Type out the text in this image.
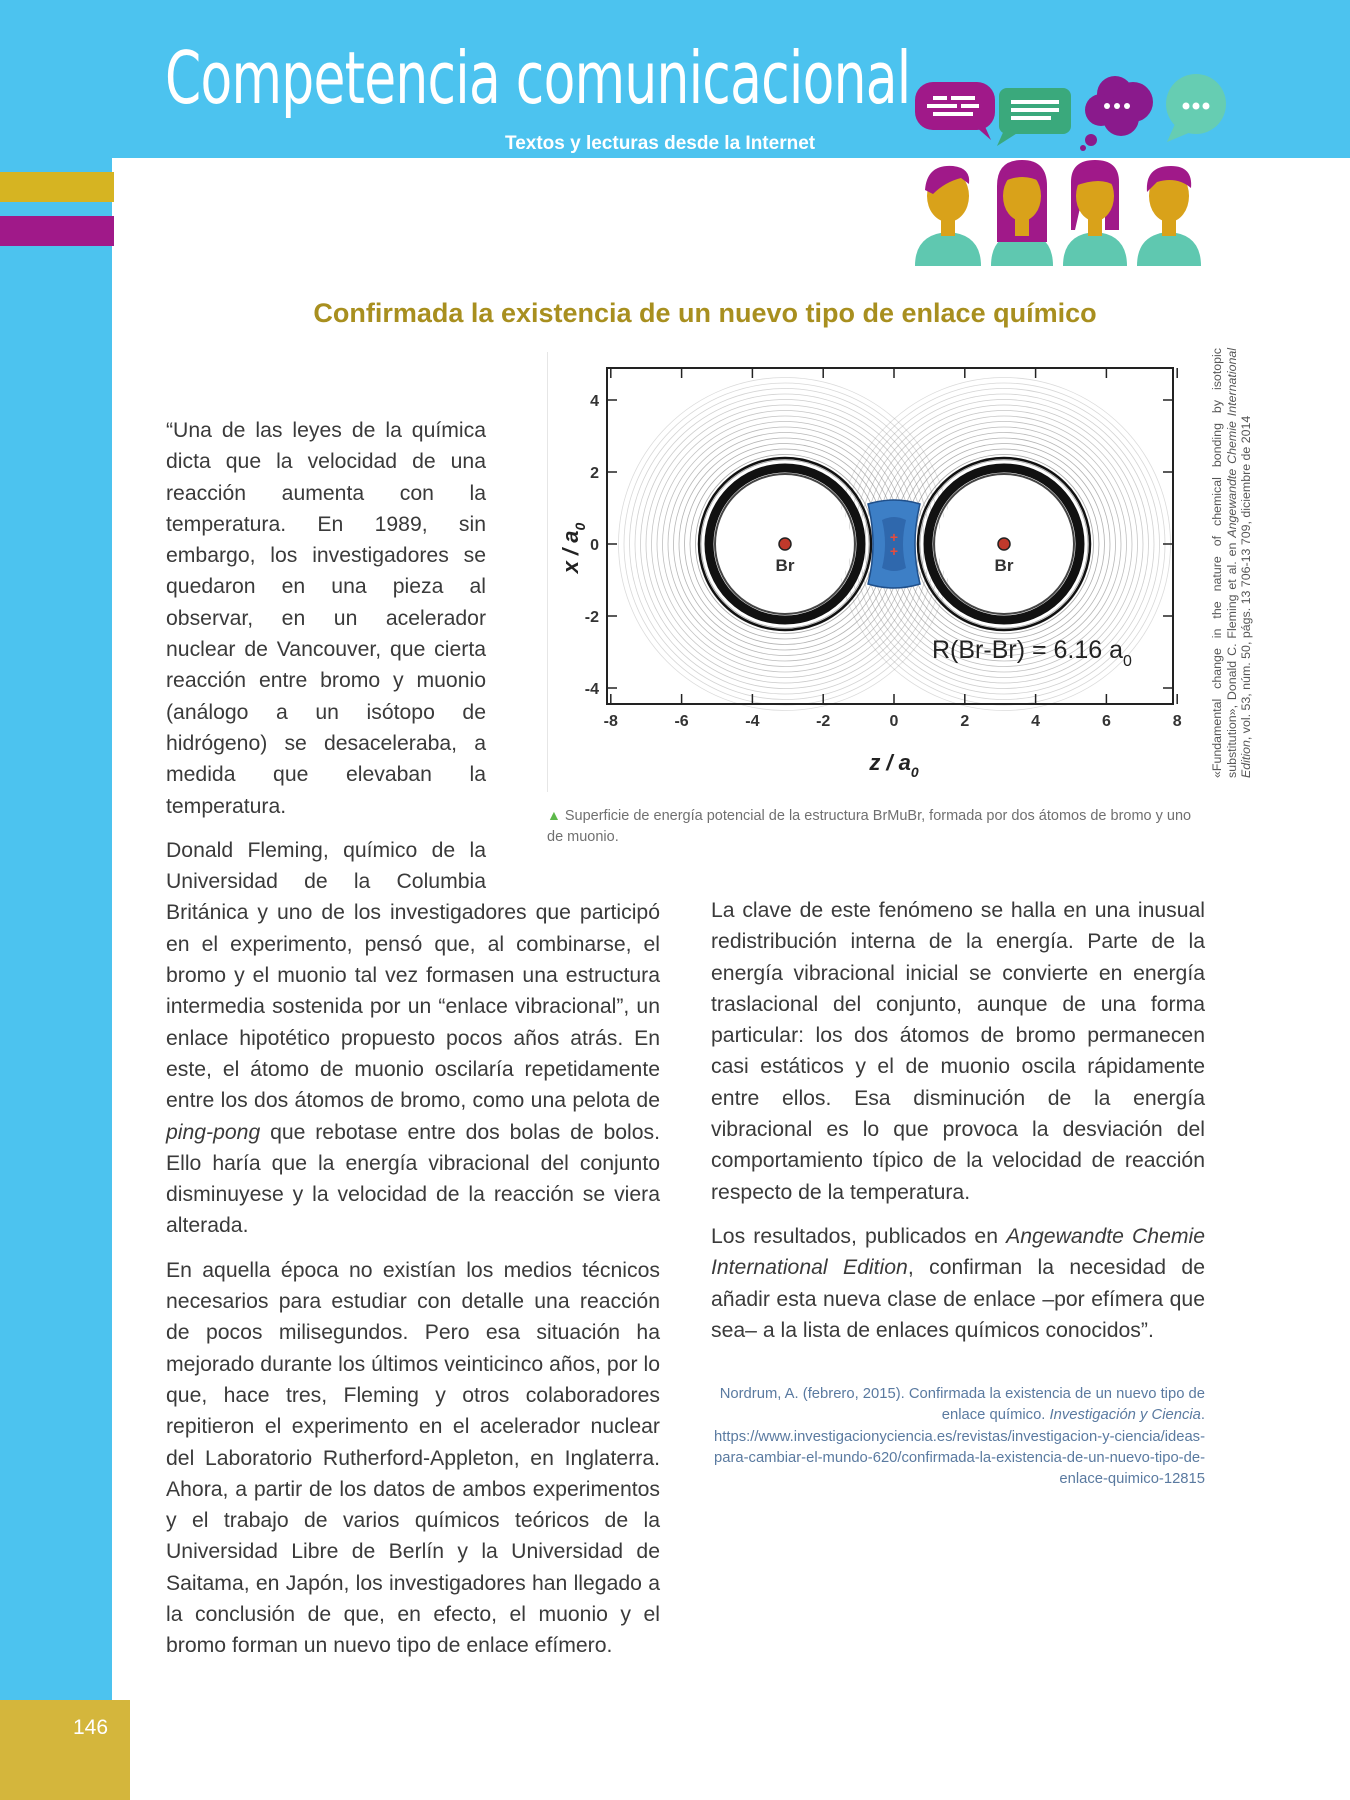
Competencia comunicacional
Textos y lecturas desde la Internet
Confirmada la existencia de un nuevo tipo de enlace químico
-8	-6	-4	-2	0	2	4	6	8
4
2
0
-2
-4
Br	Br
+
+
R(Br-Br) = 6.16 $a_0$
z / $a_0$
x / $a_0$
▲ Superficie de energía potencial de la estructura BrMuBr, formada por dos átomos de bromo y uno de muonio.
«Fundamental change in the nature of chemical bonding by isotopic substitution», Donald C. Fleming et al. en Angewandte Chemie International Edition, vol. 53, núm. 50, págs. 13 706-13 709, diciembre de 2014

“Una de las leyes de la química dicta que la velocidad de una reacción aumenta con la temperatura. En 1989, sin embargo, los investigadores se quedaron en una pieza al observar, en un acelerador nuclear de Vancouver, que cierta reacción entre bromo y muonio (análogo a un isótopo de hidrógeno) se desaceleraba, a medida que elevaban la temperatura.

Donald Fleming, químico de la Universidad de la Columbia Británica y uno de los investigadores que participó en el experimento, pensó que, al combinarse, el bromo y el muonio tal vez formasen una estructura intermedia sostenida por un “enlace vibracional”, un enlace hipotético propuesto pocos años atrás. En este, el átomo de muonio oscilaría repetidamente entre los dos átomos de bromo, como una pelota de ping-pong que rebotase entre dos bolas de bolos. Ello haría que la energía vibracional del conjunto disminuyese y la velocidad de la reacción se viera alterada.

En aquella época no existían los medios técnicos necesarios para estudiar con detalle una reacción de pocos milisegundos. Pero esa situación ha mejorado durante los últimos veinticinco años, por lo que, hace tres, Fleming y otros colaboradores repitieron el experimento en el acelerador nuclear del Laboratorio Rutherford-Appleton, en Inglaterra. Ahora, a partir de los datos de ambos experimentos y el trabajo de varios químicos teóricos de la Universidad Libre de Berlín y la Universidad de Saitama, en Japón, los investigadores han llegado a la conclusión de que, en efecto, el muonio y el bromo forman un nuevo tipo de enlace efímero.

La clave de este fenómeno se halla en una inusual redistribución interna de la energía. Parte de la energía vibracional inicial se convierte en energía traslacional del conjunto, aunque de una forma particular: los dos átomos de bromo permanecen casi estáticos y el de muonio oscila rápidamente entre ellos. Esa disminución de la energía vibracional es lo que provoca la desviación del comportamiento típico de la velocidad de reacción respecto de la temperatura.

Los resultados, publicados en Angewandte Chemie International Edition, confirman la necesidad de añadir esta nueva clase de enlace –por efímera que sea– a la lista de enlaces químicos conocidos”.

Nordrum, A. (febrero, 2015). Confirmada la existencia de un nuevo tipo de enlace químico. Investigación y Ciencia. https://www.investigacionyciencia.es/revistas/investigacion-y-ciencia/ideas-para-cambiar-el-mundo-620/confirmada-la-existencia-de-un-nuevo-tipo-de-enlace-quimico-12815
146
